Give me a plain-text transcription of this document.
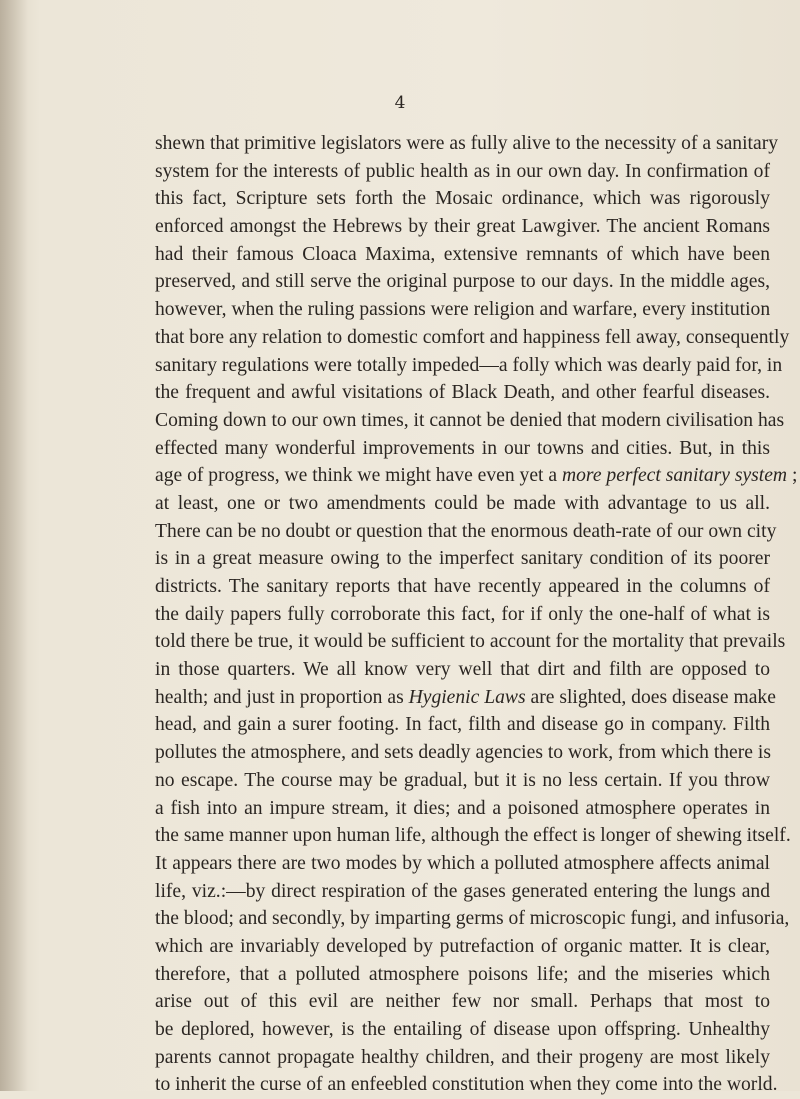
4
shewn that primitive legislators were as fully alive to the necessity of a sanitary
system for the interests of public health as in our own day. In confirmation of
this fact, Scripture sets forth the Mosaic ordinance, which was rigorously
enforced amongst the Hebrews by their great Lawgiver. The ancient Romans
had their famous Cloaca Maxima, extensive remnants of which have been
preserved, and still serve the original purpose to our days. In the middle ages,
however, when the ruling passions were religion and warfare, every institution
that bore any relation to domestic comfort and happiness fell away, consequently
sanitary regulations were totally impeded—a folly which was dearly paid for, in
the frequent and awful visitations of Black Death, and other fearful diseases.
Coming down to our own times, it cannot be denied that modern civilisation has
effected many wonderful improvements in our towns and cities. But, in this
age of progress, we think we might have even yet a more perfect sanitary system ;
at least, one or two amendments could be made with advantage to us all.
There can be no doubt or question that the enormous death-rate of our own city
is in a great measure owing to the imperfect sanitary condition of its poorer
districts. The sanitary reports that have recently appeared in the columns of
the daily papers fully corroborate this fact, for if only the one-half of what is
told there be true, it would be sufficient to account for the mortality that prevails
in those quarters. We all know very well that dirt and filth are opposed to
health; and just in proportion as Hygienic Laws are slighted, does disease make
head, and gain a surer footing. In fact, filth and disease go in company. Filth
pollutes the atmosphere, and sets deadly agencies to work, from which there is
no escape. The course may be gradual, but it is no less certain. If you throw
a fish into an impure stream, it dies; and a poisoned atmosphere operates in
the same manner upon human life, although the effect is longer of shewing itself.
It appears there are two modes by which a polluted atmosphere affects animal
life, viz.:—by direct respiration of the gases generated entering the lungs and
the blood; and secondly, by imparting germs of microscopic fungi, and infusoria,
which are invariably developed by putrefaction of organic matter. It is clear,
therefore, that a polluted atmosphere poisons life; and the miseries which
arise out of this evil are neither few nor small. Perhaps that most to
be deplored, however, is the entailing of disease upon offspring. Unhealthy
parents cannot propagate healthy children, and their progeny are most likely
to inherit the curse of an enfeebled constitution when they come into the world.
